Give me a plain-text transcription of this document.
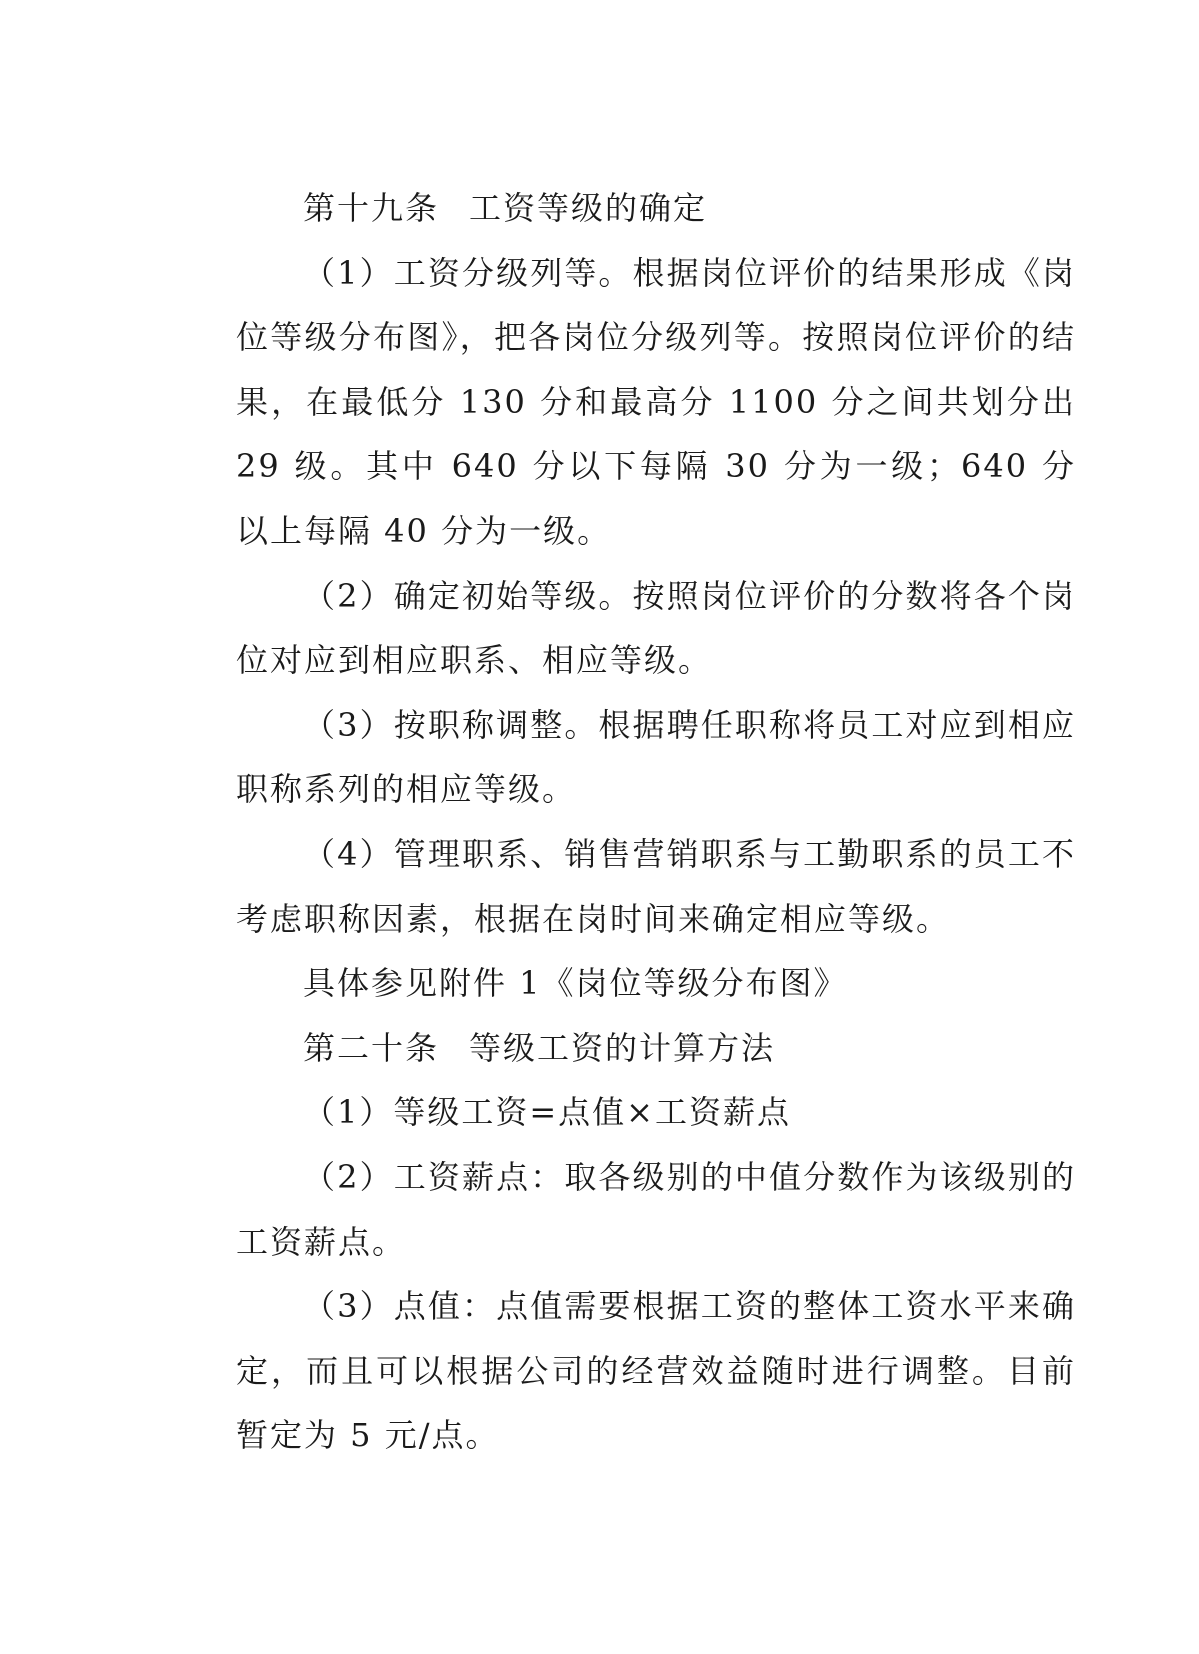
第十九条 工资等级的确定

（1）工资分级列等。根据岗位评价的结果形成《岗位等级分布图》，把各岗位分级列等。按照岗位评价的结果，在最低分 130 分和最高分 1100 分之间共划分出 29 级。其中 640 分以下每隔 30 分为一级；640 分以上每隔 40 分为一级。

（2）确定初始等级。按照岗位评价的分数将各个岗位对应到相应职系、相应等级。

（3）按职称调整。根据聘任职称将员工对应到相应职称系列的相应等级。

（4）管理职系、销售营销职系与工勤职系的员工不考虑职称因素，根据在岗时间来确定相应等级。

具体参见附件 1《岗位等级分布图》

第二十条 等级工资的计算方法

（1）等级工资=点值×工资薪点

（2）工资薪点：取各级别的中值分数作为该级别的工资薪点。

（3）点值：点值需要根据工资的整体工资水平来确定，而且可以根据公司的经营效益随时进行调整。目前暂定为 5 元/点。
